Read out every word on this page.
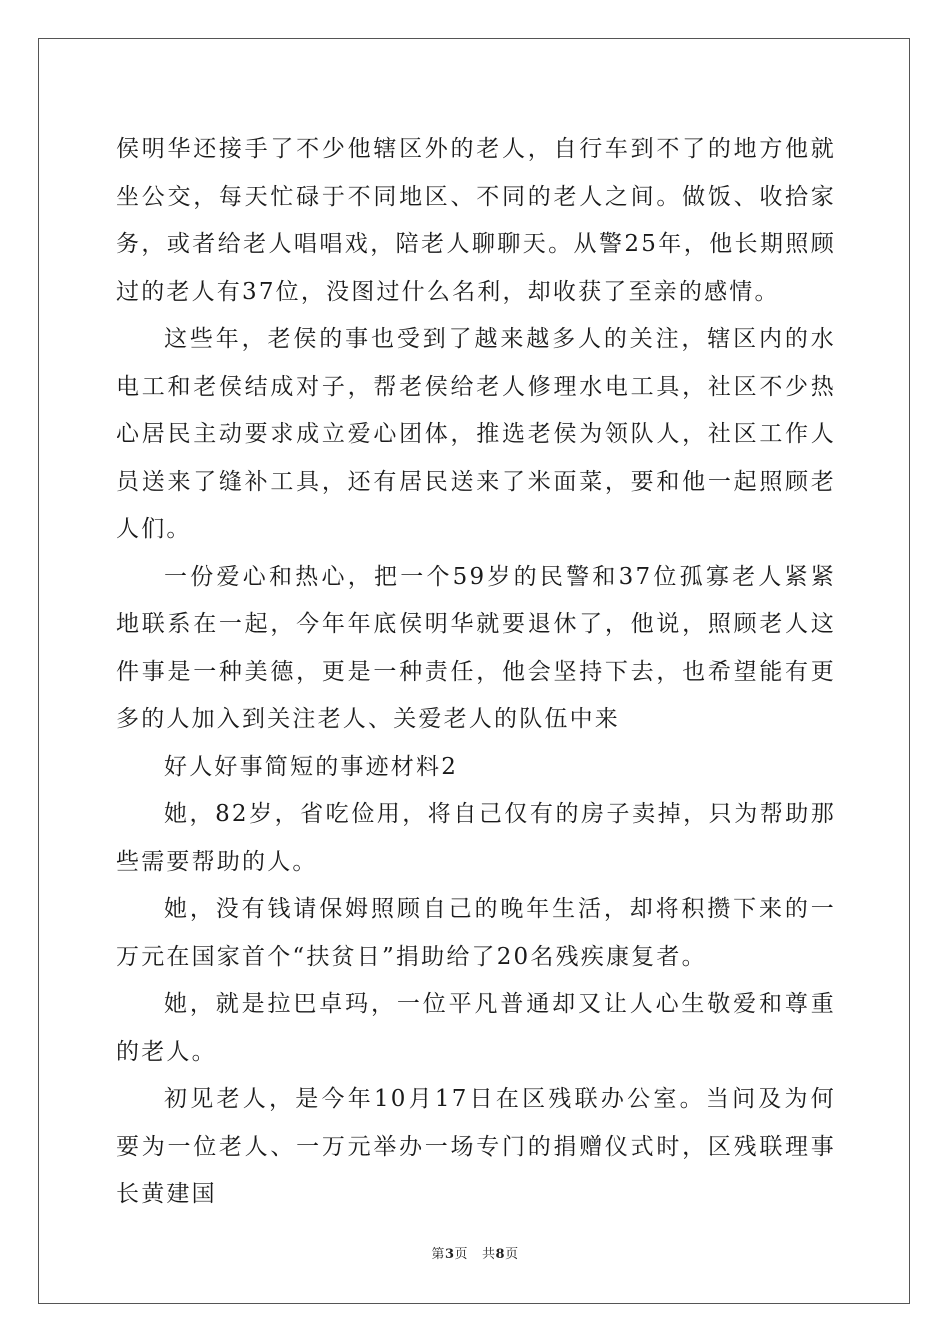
侯明华还接手了不少他辖区外的老人，自行车到不了的地方他就坐公交，每天忙碌于不同地区、不同的老人之间。做饭、收拾家务，或者给老人唱唱戏，陪老人聊聊天。从警25年，他长期照顾过的老人有37位，没图过什么名利，却收获了至亲的感情。

这些年，老侯的事也受到了越来越多人的关注，辖区内的水电工和老侯结成对子，帮老侯给老人修理水电工具，社区不少热心居民主动要求成立爱心团体，推选老侯为领队人，社区工作人员送来了缝补工具，还有居民送来了米面菜，要和他一起照顾老人们。

一份爱心和热心，把一个59岁的民警和37位孤寡老人紧紧地联系在一起，今年年底侯明华就要退休了，他说，照顾老人这件事是一种美德，更是一种责任，他会坚持下去，也希望能有更多的人加入到关注老人、关爱老人的队伍中来

好人好事简短的事迹材料2

她，82岁，省吃俭用，将自己仅有的房子卖掉，只为帮助那些需要帮助的人。

她，没有钱请保姆照顾自己的晚年生活，却将积攒下来的一万元在国家首个“扶贫日”捐助给了20名残疾康复者。

她，就是拉巴卓玛，一位平凡普通却又让人心生敬爱和尊重的老人。

初见老人，是今年10月17日在区残联办公室。当问及为何要为一位老人、一万元举办一场专门的捐赠仪式时，区残联理事长黄建国

第3页 共8页
